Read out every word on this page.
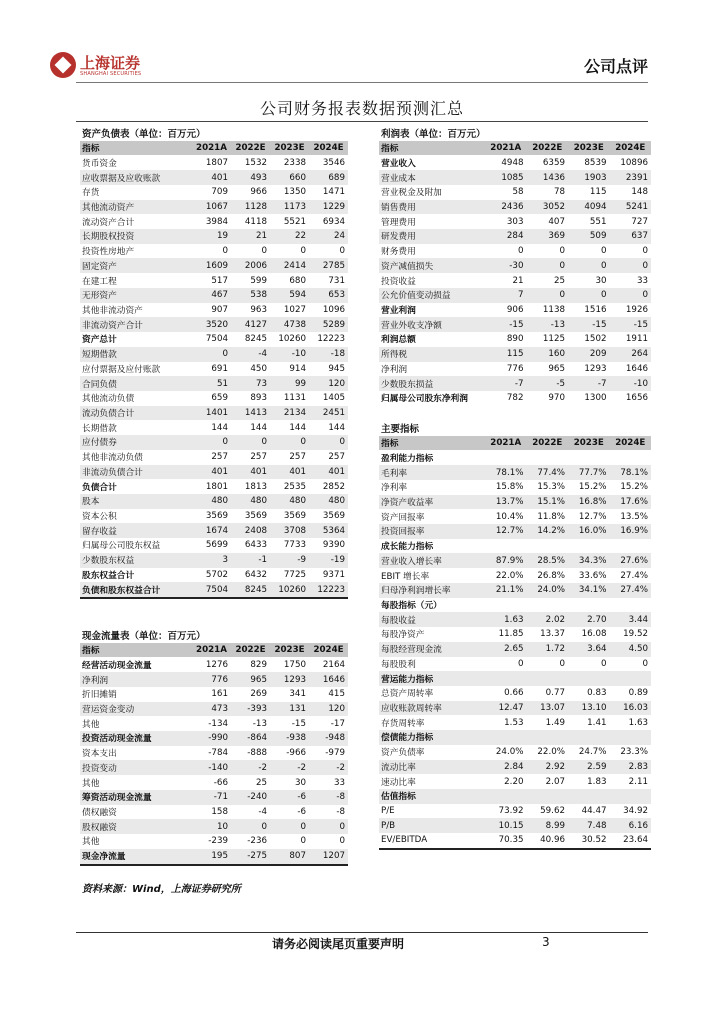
上海证券
SHANGHAI SECURITIES	公司点评
公司财务报表数据预测汇总
资产负债表（单位：百万元）				
指标	2021A	2022E	2023E	2024E
货币资金	1807	1532	2338	3546
应收票据及应收账款	401	493	660	689
存货	709	966	1350	1471
其他流动资产	1067	1128	1173	1229
流动资产合计	3984	4118	5521	6934
长期股权投资	19	21	22	24
投资性房地产	0	0	0	0
固定资产	1609	2006	2414	2785
在建工程	517	599	680	731
无形资产	467	538	594	653
其他非流动资产	907	963	1027	1096
非流动资产合计	3520	4127	4738	5289
资产总计	7504	8245	10260	12223
短期借款	0	-4	-10	-18
应付票据及应付账款	691	450	914	945
合同负债	51	73	99	120
其他流动负债	659	893	1131	1405
流动负债合计	1401	1413	2134	2451
长期借款	144	144	144	144
应付债券	0	0	0	0
其他非流动负债	257	257	257	257
非流动负债合计	401	401	401	401
负债合计	1801	1813	2535	2852
股本	480	480	480	480
资本公积	3569	3569	3569	3569
留存收益	1674	2408	3708	5364
归属母公司股东权益	5699	6433	7733	9390
少数股东权益	3	-1	-9	-19
股东权益合计	5702	6432	7725	9371
负债和股东权益合计	7504	8245	10260	12223
现金流量表（单位：百万元）				
指标	2021A	2022E	2023E	2024E
经营活动现金流量	1276	829	1750	2164
净利润	776	965	1293	1646
折旧摊销	161	269	341	415
营运资金变动	473	-393	131	120
其他	-134	-13	-15	-17
投资活动现金流量	-990	-864	-938	-948
资本支出	-784	-888	-966	-979
投资变动	-140	-2	-2	-2
其他	-66	25	30	33
筹资活动现金流量	-71	-240	-6	-8
债权融资	158	-4	-6	-8
股权融资	10	0	0	0
其他	-239	-236	0	0
现金净流量	195	-275	807	1207
利润表（单位：百万元）				
指标	2021A	2022E	2023E	2024E
营业收入	4948	6359	8539	10896
营业成本	1085	1436	1903	2391
营业税金及附加	58	78	115	148
销售费用	2436	3052	4094	5241
管理费用	303	407	551	727
研发费用	284	369	509	637
财务费用	0	0	0	0
资产减值损失	-30	0	0	0
投资收益	21	25	30	33
公允价值变动损益	7	0	0	0
营业利润	906	1138	1516	1926
营业外收支净额	-15	-13	-15	-15
利润总额	890	1125	1502	1911
所得税	115	160	209	264
净利润	776	965	1293	1646
少数股东损益	-7	-5	-7	-10
归属母公司股东净利润	782	970	1300	1656
主要指标				
指标	2021A	2022E	2023E	2024E
盈利能力指标				
毛利率	78.1%	77.4%	77.7%	78.1%
净利率	15.8%	15.3%	15.2%	15.2%
净资产收益率	13.7%	15.1%	16.8%	17.6%
资产回报率	10.4%	11.8%	12.7%	13.5%
投资回报率	12.7%	14.2%	16.0%	16.9%
成长能力指标				
营业收入增长率	87.9%	28.5%	34.3%	27.6%
EBIT 增长率	22.0%	26.8%	33.6%	27.4%
归母净利润增长率	21.1%	24.0%	34.1%	27.4%
每股指标（元）				
每股收益	1.63	2.02	2.70	3.44
每股净资产	11.85	13.37	16.08	19.52
每股经营现金流	2.65	1.72	3.64	4.50
每股股利	0	0	0	0
营运能力指标				
总资产周转率	0.66	0.77	0.83	0.89
应收账款周转率	12.47	13.07	13.10	16.03
存货周转率	1.53	1.49	1.41	1.63
偿债能力指标				
资产负债率	24.0%	22.0%	24.7%	23.3%
流动比率	2.84	2.92	2.59	2.83
速动比率	2.20	2.07	1.83	2.11
估值指标				
P/E	73.92	59.62	44.47	34.92
P/B	10.15	8.99	7.48	6.16
EV/EBITDA	70.35	40.96	30.52	23.64
资料来源：Wind，上海证券研究所
请务必阅读尾页重要声明	3
